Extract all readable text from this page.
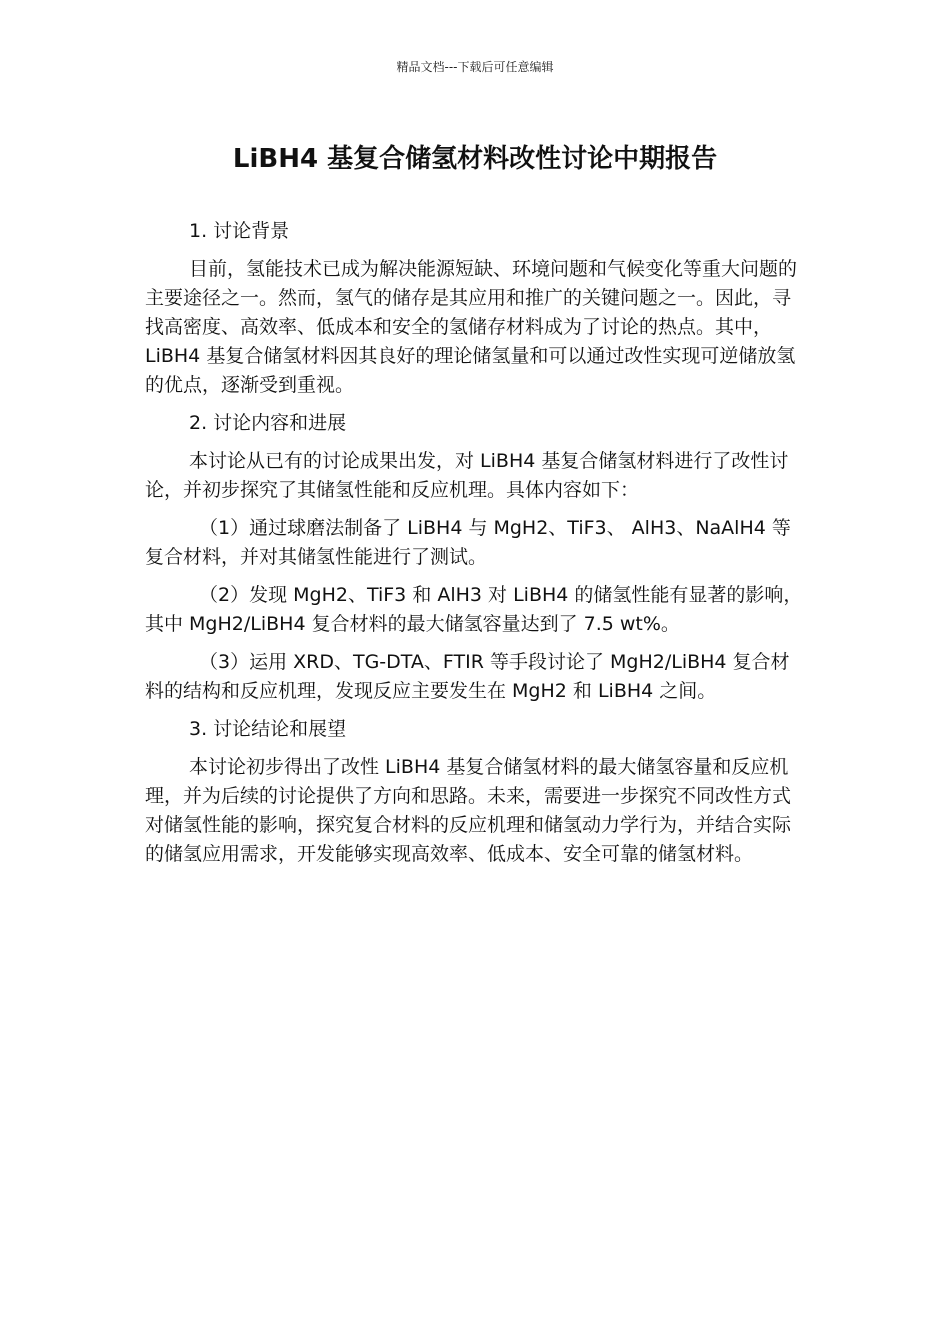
精品文档---下载后可任意编辑
LiBH4 基复合储氢材料改性讨论中期报告

1. 讨论背景

目前，氢能技术已成为解决能源短缺、环境问题和气候变化等重大问题的主要途径之一。然而，氢气的储存是其应用和推广的关键问题之一。因此，寻找高密度、高效率、低成本和安全的氢储存材料成为了讨论的热点。其中，LiBH4 基复合储氢材料因其良好的理论储氢量和可以通过改性实现可逆储放氢的优点，逐渐受到重视。

2. 讨论内容和进展

本讨论从已有的讨论成果出发，对 LiBH4 基复合储氢材料进行了改性讨论，并初步探究了其储氢性能和反应机理。具体内容如下：

（1）通过球磨法制备了 LiBH4 与 MgH2、TiF3、 AlH3、NaAlH4 等复合材料，并对其储氢性能进行了测试。

（2）发现 MgH2、TiF3 和 AlH3 对 LiBH4 的储氢性能有显著的影响，其中 MgH2/LiBH4 复合材料的最大储氢容量达到了 7.5 wt%。

（3）运用 XRD、TG-DTA、FTIR 等手段讨论了 MgH2/LiBH4 复合材料的结构和反应机理，发现反应主要发生在 MgH2 和 LiBH4 之间。

3. 讨论结论和展望

本讨论初步得出了改性 LiBH4 基复合储氢材料的最大储氢容量和反应机理，并为后续的讨论提供了方向和思路。未来，需要进一步探究不同改性方式对储氢性能的影响，探究复合材料的反应机理和储氢动力学行为，并结合实际的储氢应用需求，开发能够实现高效率、低成本、安全可靠的储氢材料。
